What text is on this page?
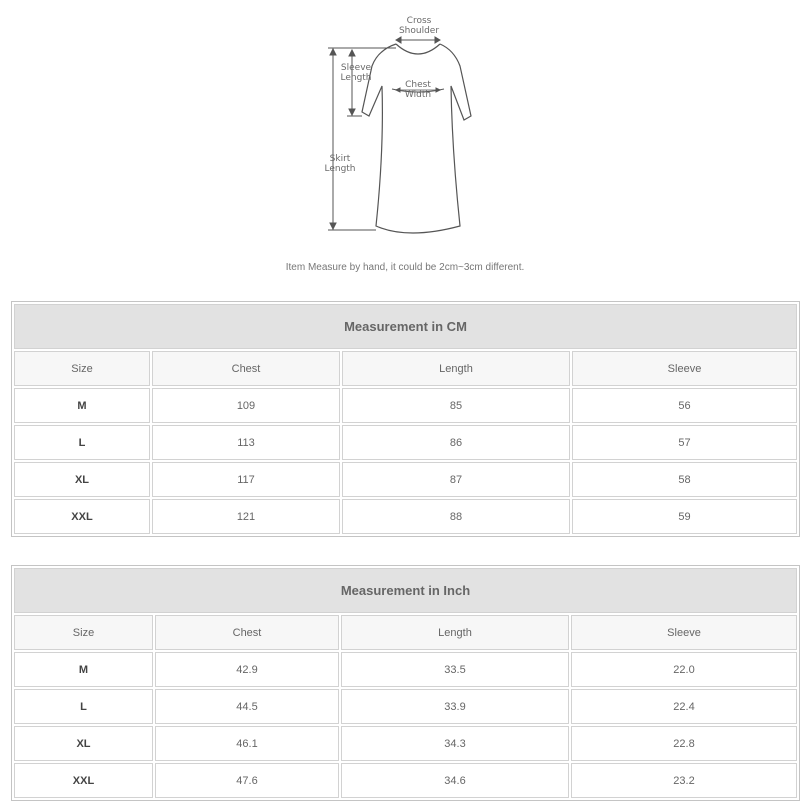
Cross
Shoulder
Sleeve
Length
Chest
Width
Skirt
Length
Item Measure by hand, it could be 2cm~3cm different.
Measurement in CM			
Size	Chest	Length	Sleeve
M	109	85	56
L	113	86	57
XL	117	87	58
XXL	121	88	59
Measurement in Inch			
Size	Chest	Length	Sleeve
M	42.9	33.5	22.0
L	44.5	33.9	22.4
XL	46.1	34.3	22.8
XXL	47.6	34.6	23.2
